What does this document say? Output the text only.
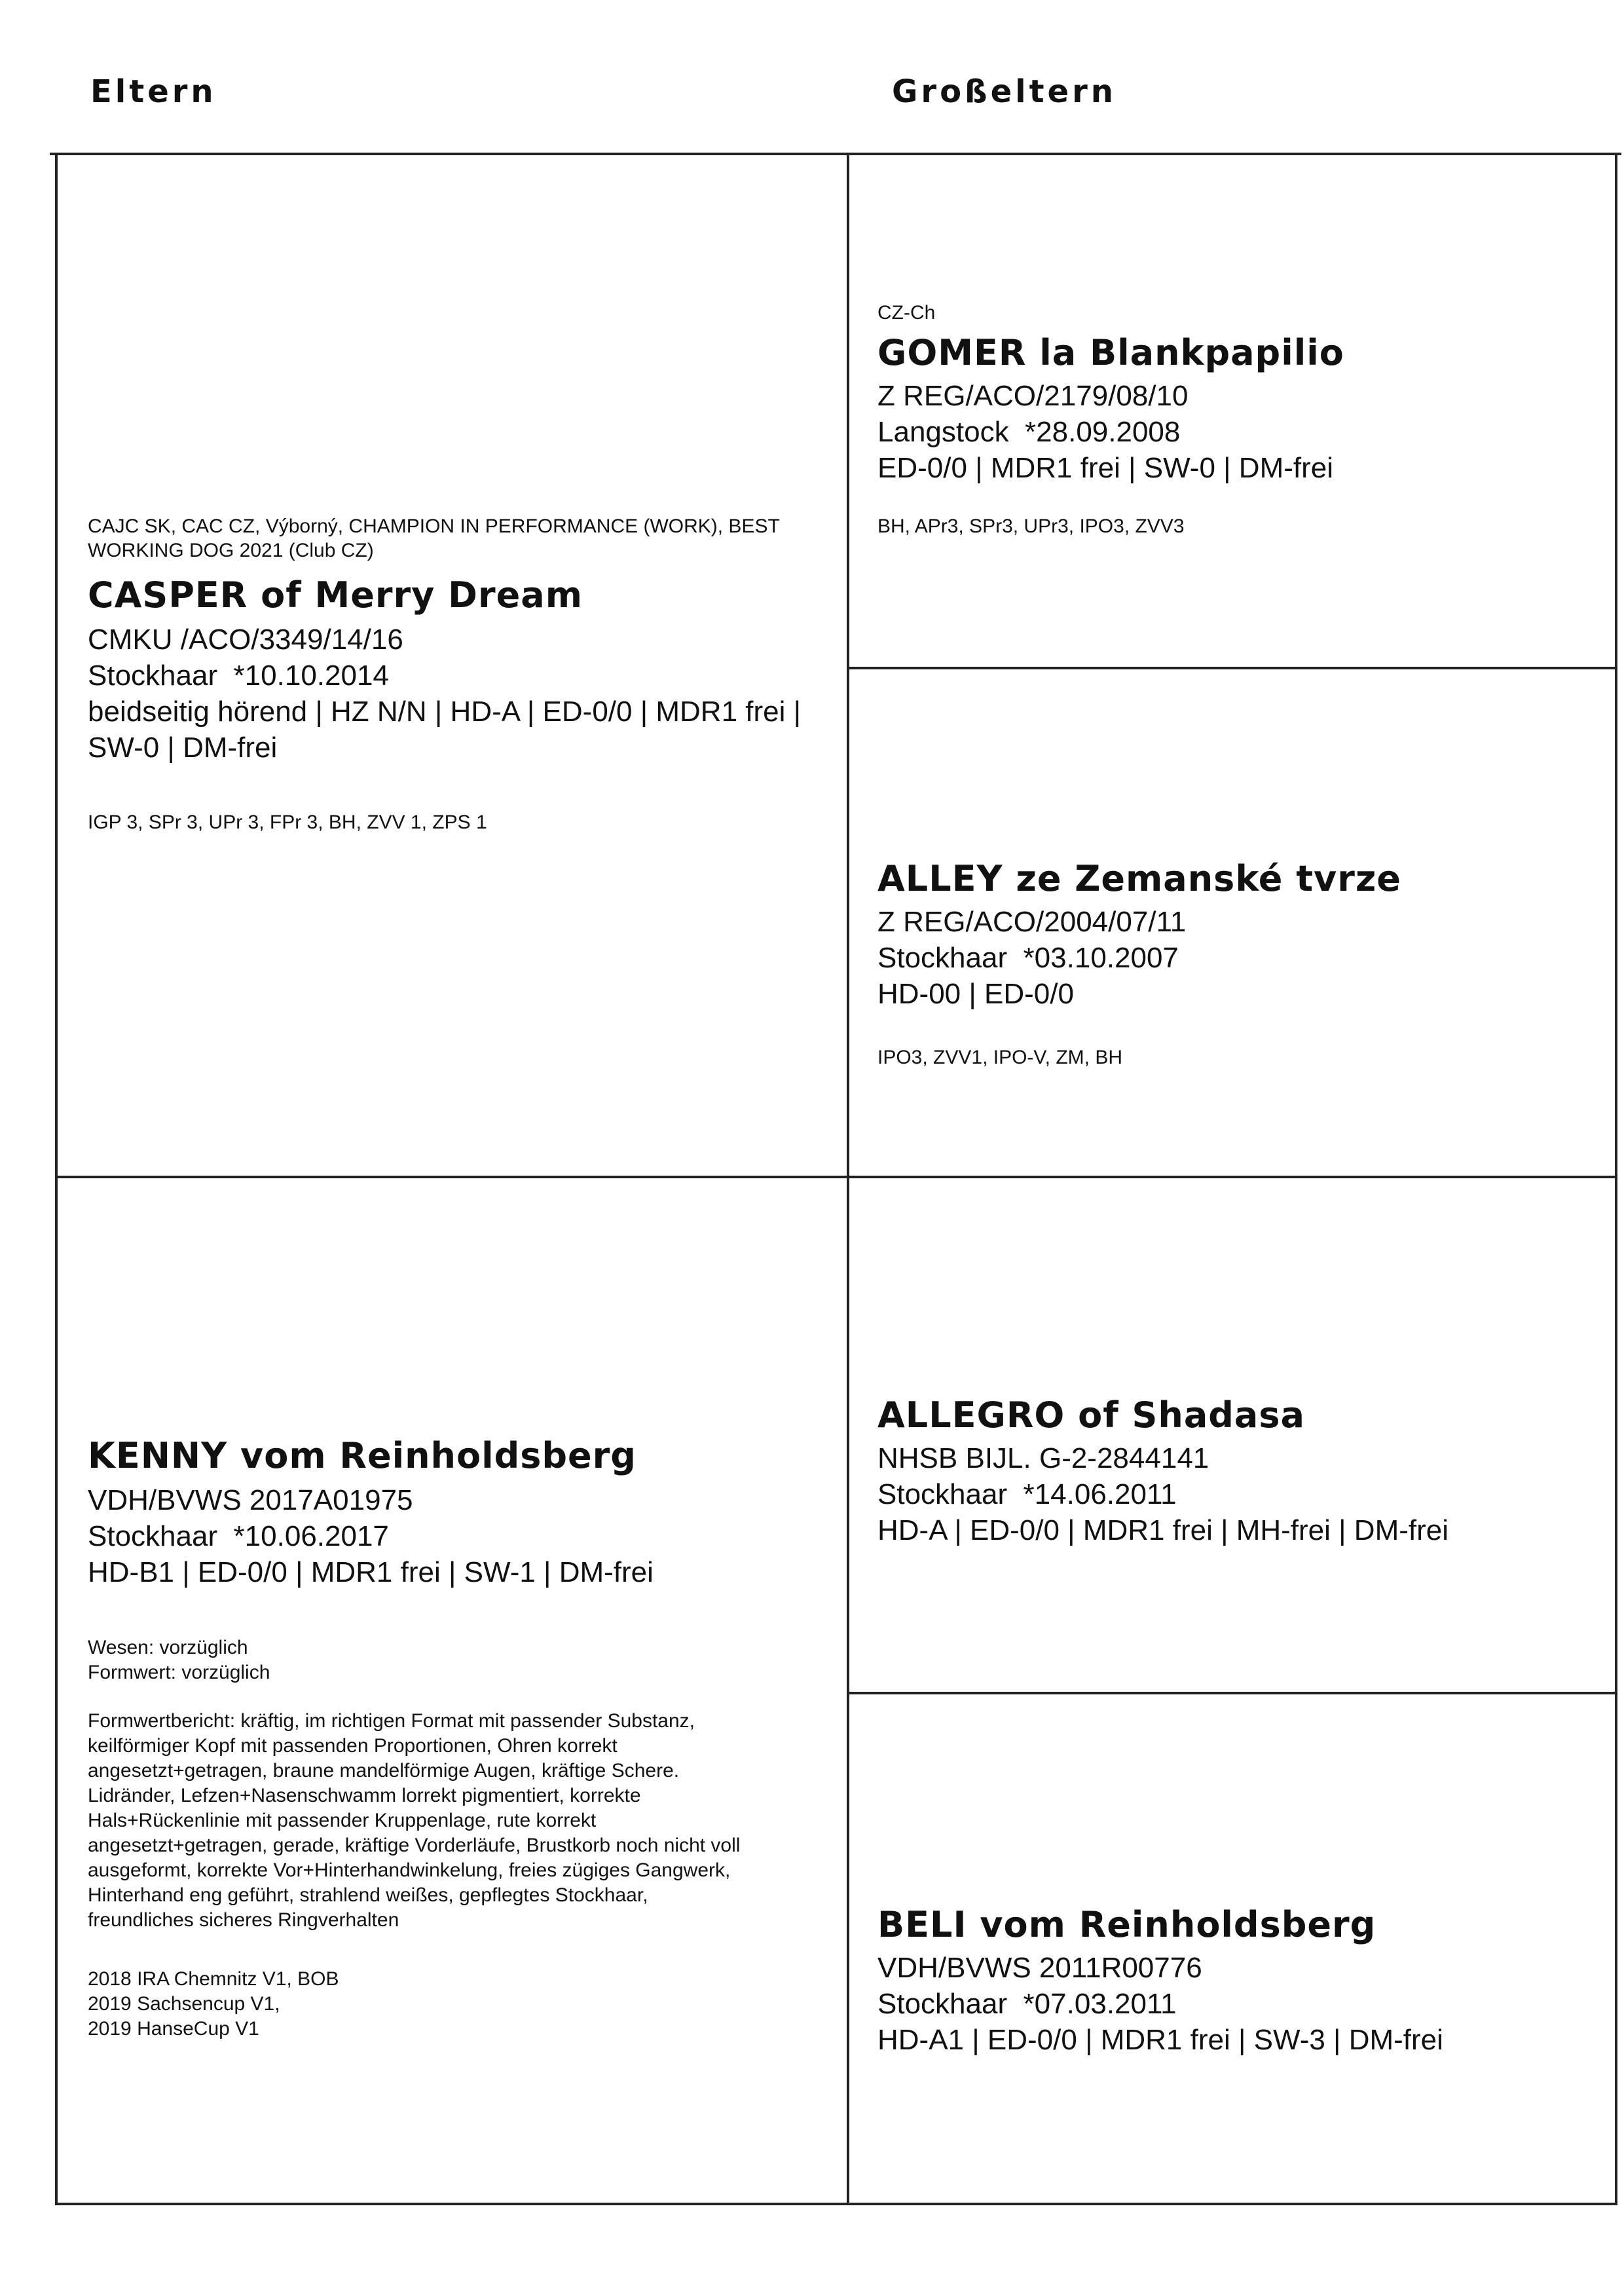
Eltern	Großeltern
CAJC SK, CAC CZ, Výborný, CHAMPION IN PERFORMANCE (WORK), BEST WORKING DOG 2021 (Club CZ)
CASPER of Merry Dream
CMKU /ACO/3349/14/16
Stockhaar  *10.10.2014
beidseitig hörend | HZ N/N | HD-A | ED-0/0 | MDR1 frei | SW-0 | DM-frei
IGP 3, SPr 3, UPr 3, FPr 3, BH, ZVV 1, ZPS 1
CZ-Ch
GOMER la Blankpapilio
Z REG/ACO/2179/08/10
Langstock  *28.09.2008
ED-0/0 | MDR1 frei | SW-0 | DM-frei
BH, APr3, SPr3, UPr3, IPO3, ZVV3
ALLEY ze Zemanské tvrze
Z REG/ACO/2004/07/11
Stockhaar  *03.10.2007
HD-00 | ED-0/0
IPO3, ZVV1, IPO-V, ZM, BH
KENNY vom Reinholdsberg
VDH/BVWS 2017A01975
Stockhaar  *10.06.2017
HD-B1 | ED-0/0 | MDR1 frei | SW-1 | DM-frei
Wesen: vorzüglich
Formwert: vorzüglich
Formwertbericht: kräftig, im richtigen Format mit passender Substanz,
keilförmiger Kopf mit passenden Proportionen, Ohren korrekt
angesetzt+getragen, braune mandelförmige Augen, kräftige Schere.
Lidränder, Lefzen+Nasenschwamm lorrekt pigmentiert, korrekte
Hals+Rückenlinie mit passender Kruppenlage, rute korrekt
angesetzt+getragen, gerade, kräftige Vorderläufe, Brustkorb noch nicht voll
ausgeformt, korrekte Vor+Hinterhandwinkelung, freies zügiges Gangwerk,
Hinterhand eng geführt, strahlend weißes, gepflegtes Stockhaar,
freundliches sicheres Ringverhalten
2018 IRA Chemnitz V1, BOB
2019 Sachsencup V1,
2019 HanseCup V1
ALLEGRO of Shadasa
NHSB BIJL. G-2-2844141
Stockhaar  *14.06.2011
HD-A | ED-0/0 | MDR1 frei | MH-frei | DM-frei
BELI vom Reinholdsberg
VDH/BVWS 2011R00776
Stockhaar  *07.03.2011
HD-A1 | ED-0/0 | MDR1 frei | SW-3 | DM-frei
